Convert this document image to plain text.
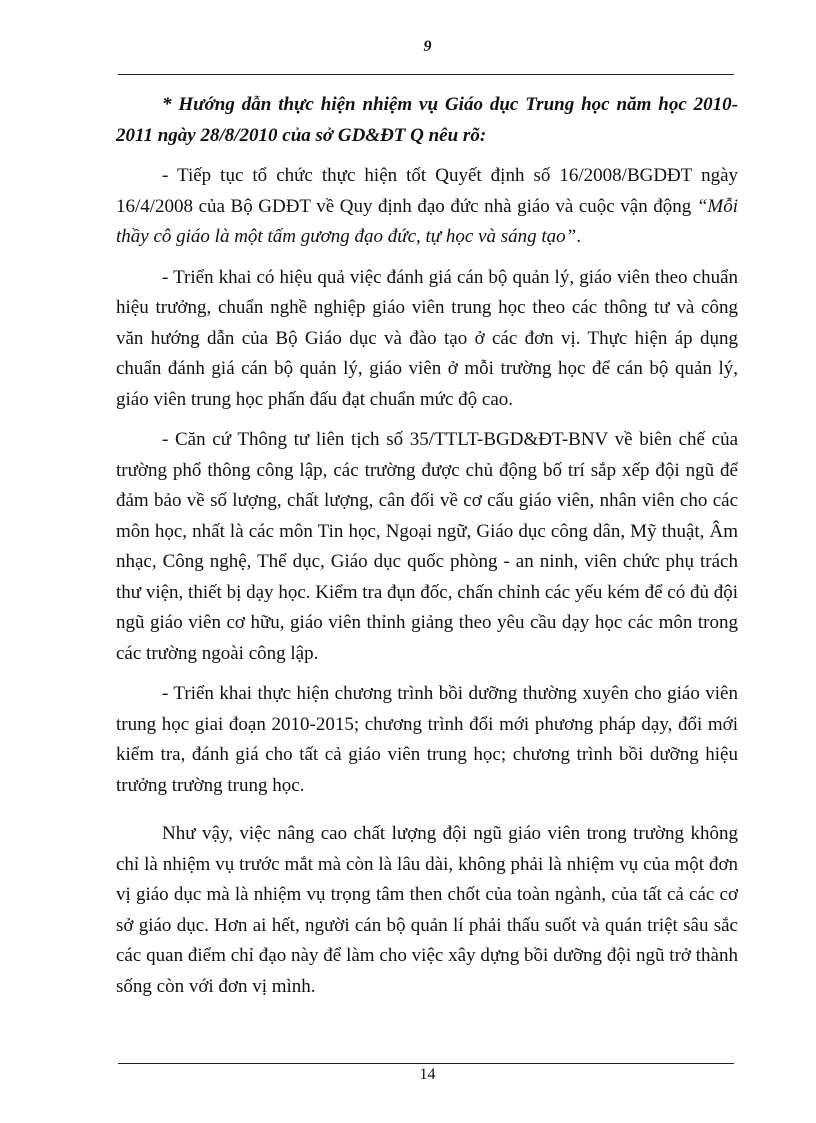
9

* Hướng dẫn thực hiện nhiệm vụ Giáo dục Trung học năm học 2010-2011 ngày 28/8/2010 của sở GD&ĐT Q nêu rõ:

- Tiếp tục tổ chức thực hiện tốt Quyết định số 16/2008/BGDĐT ngày 16/4/2008 của Bộ GDĐT về Quy định đạo đức nhà giáo và cuộc vận động “Mỗi thầy cô giáo là một tấm gương đạo đức, tự học và sáng tạo”.

- Triển khai có hiệu quả việc đánh giá cán bộ quản lý, giáo viên theo chuẩn hiệu trưởng, chuẩn nghề nghiệp giáo viên trung học theo các thông tư và công văn hướng dẫn của Bộ Giáo dục và đào tạo ở các đơn vị. Thực hiện áp dụng chuẩn đánh giá cán bộ quản lý, giáo viên ở mỗi trường học để cán bộ quản lý, giáo viên trung học phấn đấu đạt chuẩn mức độ cao.

- Căn cứ Thông tư liên tịch số 35/TTLT-BGD&ĐT-BNV về biên chế của trường phổ thông công lập, các trường được chủ động bố trí sắp xếp đội ngũ để đảm bảo về số lượng, chất lượng, cân đối về cơ cấu giáo viên, nhân viên cho các môn học, nhất là các môn Tin học, Ngoại ngữ, Giáo dục công dân, Mỹ thuật, Âm nhạc, Công nghệ, Thể dục, Giáo dục quốc phòng - an ninh, viên chức phụ trách thư viện, thiết bị dạy học. Kiểm tra đụn đốc, chấn chỉnh các yếu kém để có đủ đội ngũ giáo viên cơ hữu, giáo viên thỉnh giảng theo yêu cầu dạy học các môn trong các trường ngoài công lập.

- Triển khai thực hiện chương trình bồi dưỡng thường xuyên cho giáo viên trung học giai đoạn 2010-2015; chương trình đổi mới phương pháp dạy, đổi mới kiểm tra, đánh giá cho tất cả giáo viên trung học; chương trình bồi dưỡng hiệu trưởng trường trung học.

Như vậy, việc nâng cao chất lượng đội ngũ giáo viên trong trường không chỉ là nhiệm vụ trước mắt mà còn là lâu dài, không phải là nhiệm vụ của một đơn vị giáo dục mà là nhiệm vụ trọng tâm then chốt của toàn ngành, của tất cả các cơ sở giáo dục. Hơn ai hết, người cán bộ quản lí phải thấu suốt và quán triệt sâu sắc các quan điểm chỉ đạo này để làm cho việc xây dựng bồi dưỡng đội ngũ trở thành sống còn với đơn vị mình.

14
